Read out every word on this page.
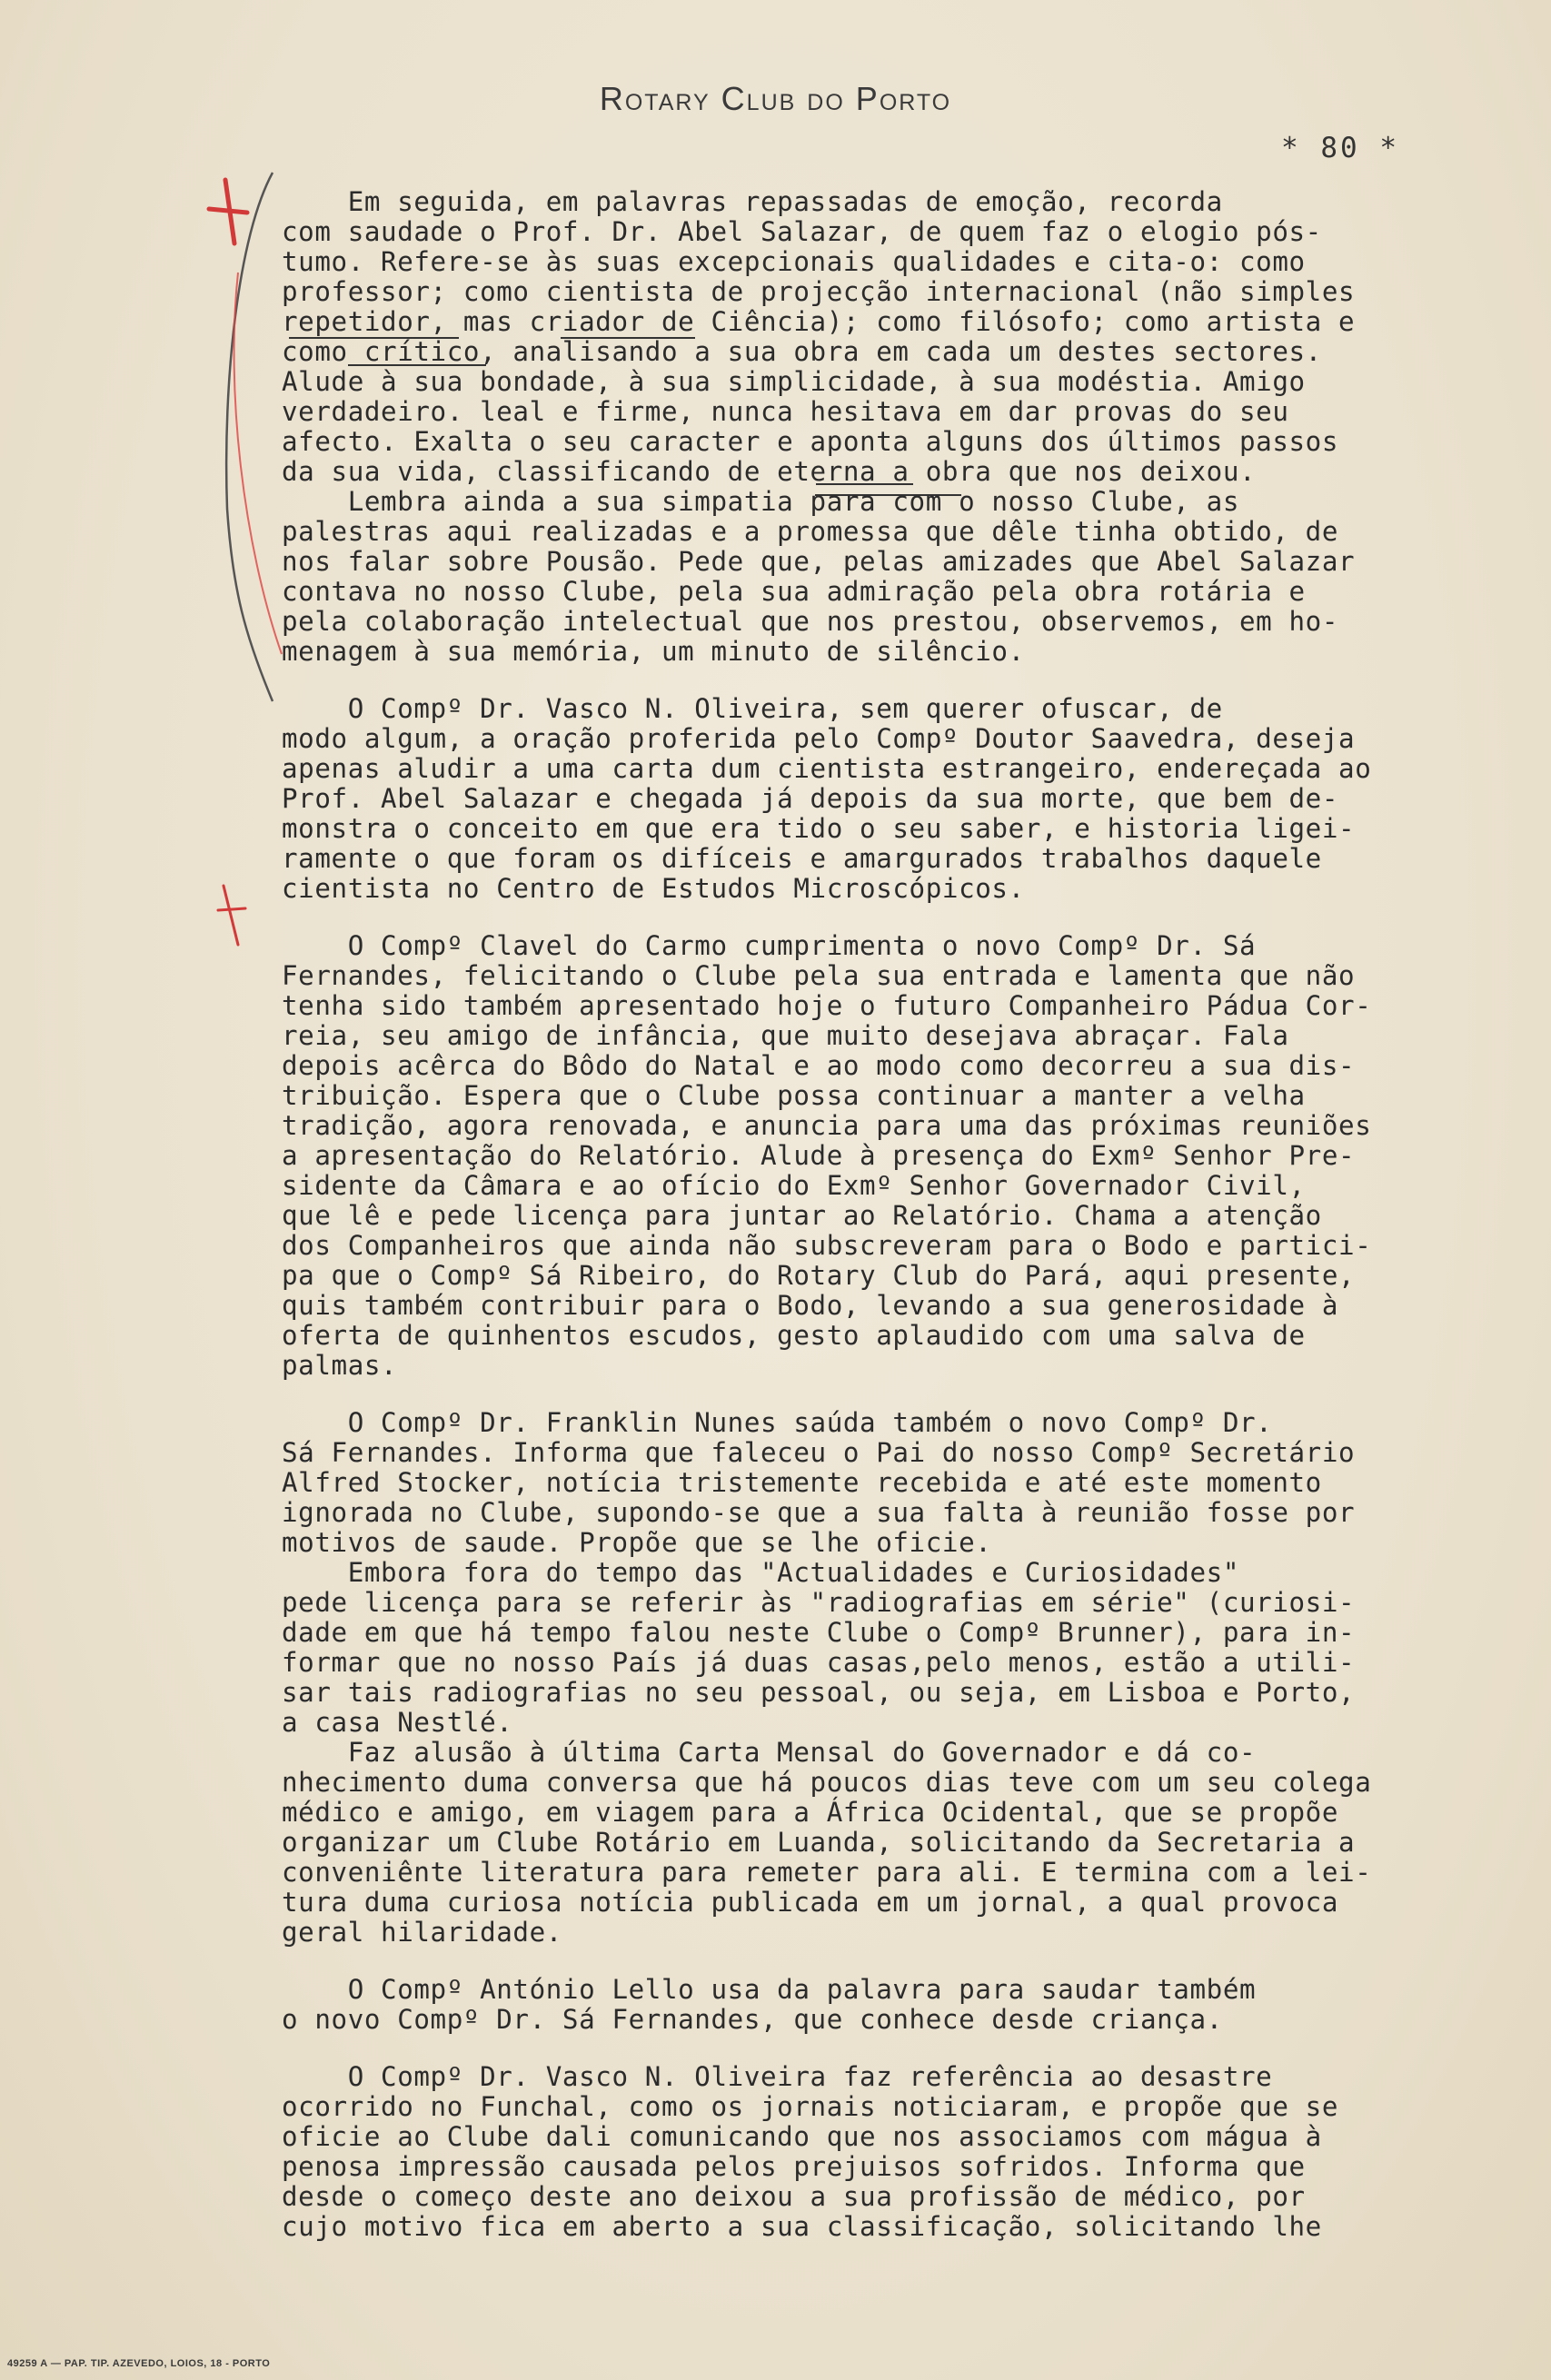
Rotary Club do Porto
* 80 *

Em seguida, em palavras repassadas de emoção, recorda
com saudade o Prof. Dr. Abel Salazar, de quem faz o elogio pós-
tumo. Refere-se às suas excepcionais qualidades e cita-o: como
professor; como cientista de projecção internacional (não simples
repetidor, mas criador de Ciência); como filósofo; como artista e
como crítico, analisando a sua obra em cada um destes sectores.
Alude à sua bondade, à sua simplicidade, à sua modéstia. Amigo
verdadeiro. leal e firme, nunca hesitava em dar provas do seu
afecto. Exalta o seu caracter e aponta alguns dos últimos passos
da sua vida, classificando de eterna a obra que nos deixou.
Lembra ainda a sua simpatia para com o nosso Clube, as
palestras aqui realizadas e a promessa que dêle tinha obtido, de
nos falar sobre Pousão. Pede que, pelas amizades que Abel Salazar
contava no nosso Clube, pela sua admiração pela obra rotária e
pela colaboração intelectual que nos prestou, observemos, em ho-
menagem à sua memória, um minuto de silêncio.

O Compº Dr. Vasco N. Oliveira, sem querer ofuscar, de
modo algum, a oração proferida pelo Compº Doutor Saavedra, deseja
apenas aludir a uma carta dum cientista estrangeiro, endereçada ao
Prof. Abel Salazar e chegada já depois da sua morte, que bem de-
monstra o conceito em que era tido o seu saber, e historia ligei-
ramente o que foram os difíceis e amargurados trabalhos daquele
cientista no Centro de Estudos Microscópicos.

O Compº Clavel do Carmo cumprimenta o novo Compº Dr. Sá
Fernandes, felicitando o Clube pela sua entrada e lamenta que não
tenha sido também apresentado hoje o futuro Companheiro Pádua Cor-
reia, seu amigo de infância, que muito desejava abraçar. Fala
depois acêrca do Bôdo do Natal e ao modo como decorreu a sua dis-
tribuição. Espera que o Clube possa continuar a manter a velha
tradição, agora renovada, e anuncia para uma das próximas reuniões
a apresentação do Relatório. Alude à presença do Exmº Senhor Pre-
sidente da Câmara e ao ofício do Exmº Senhor Governador Civil,
que lê e pede licença para juntar ao Relatório. Chama a atenção
dos Companheiros que ainda não subscreveram para o Bodo e partici-
pa que o Compº Sá Ribeiro, do Rotary Club do Pará, aqui presente,
quis também contribuir para o Bodo, levando a sua generosidade à
oferta de quinhentos escudos, gesto aplaudido com uma salva de
palmas.

O Compº Dr. Franklin Nunes saúda também o novo Compº Dr.
Sá Fernandes. Informa que faleceu o Pai do nosso Compº Secretário
Alfred Stocker, notícia tristemente recebida e até este momento
ignorada no Clube, supondo-se que a sua falta à reunião fosse por
motivos de saude. Propõe que se lhe oficie.
Embora fora do tempo das "Actualidades e Curiosidades"
pede licença para se referir às "radiografias em série" (curiosi-
dade em que há tempo falou neste Clube o Compº Brunner), para in-
formar que no nosso País já duas casas,pelo menos, estão a utili-
sar tais radiografias no seu pessoal, ou seja, em Lisboa e Porto,
a casa Nestlé.
Faz alusão à última Carta Mensal do Governador e dá co-
nhecimento duma conversa que há poucos dias teve com um seu colega
médico e amigo, em viagem para a África Ocidental, que se propõe
organizar um Clube Rotário em Luanda, solicitando da Secretaria a
conveniênte literatura para remeter para ali. E termina com a lei-
tura duma curiosa notícia publicada em um jornal, a qual provoca
geral hilaridade.

O Compº António Lello usa da palavra para saudar também
o novo Compº Dr. Sá Fernandes, que conhece desde criança.

O Compº Dr. Vasco N. Oliveira faz referência ao desastre
ocorrido no Funchal, como os jornais noticiaram, e propõe que se
oficie ao Clube dali comunicando que nos associamos com mágua à
penosa impressão causada pelos prejuisos sofridos. Informa que
desde o começo deste ano deixou a sua profissão de médico, por
cujo motivo fica em aberto a sua classificação, solicitando lhe

49259 A — PAP. TIP. AZEVEDO, LOIOS, 18 - PORTO
